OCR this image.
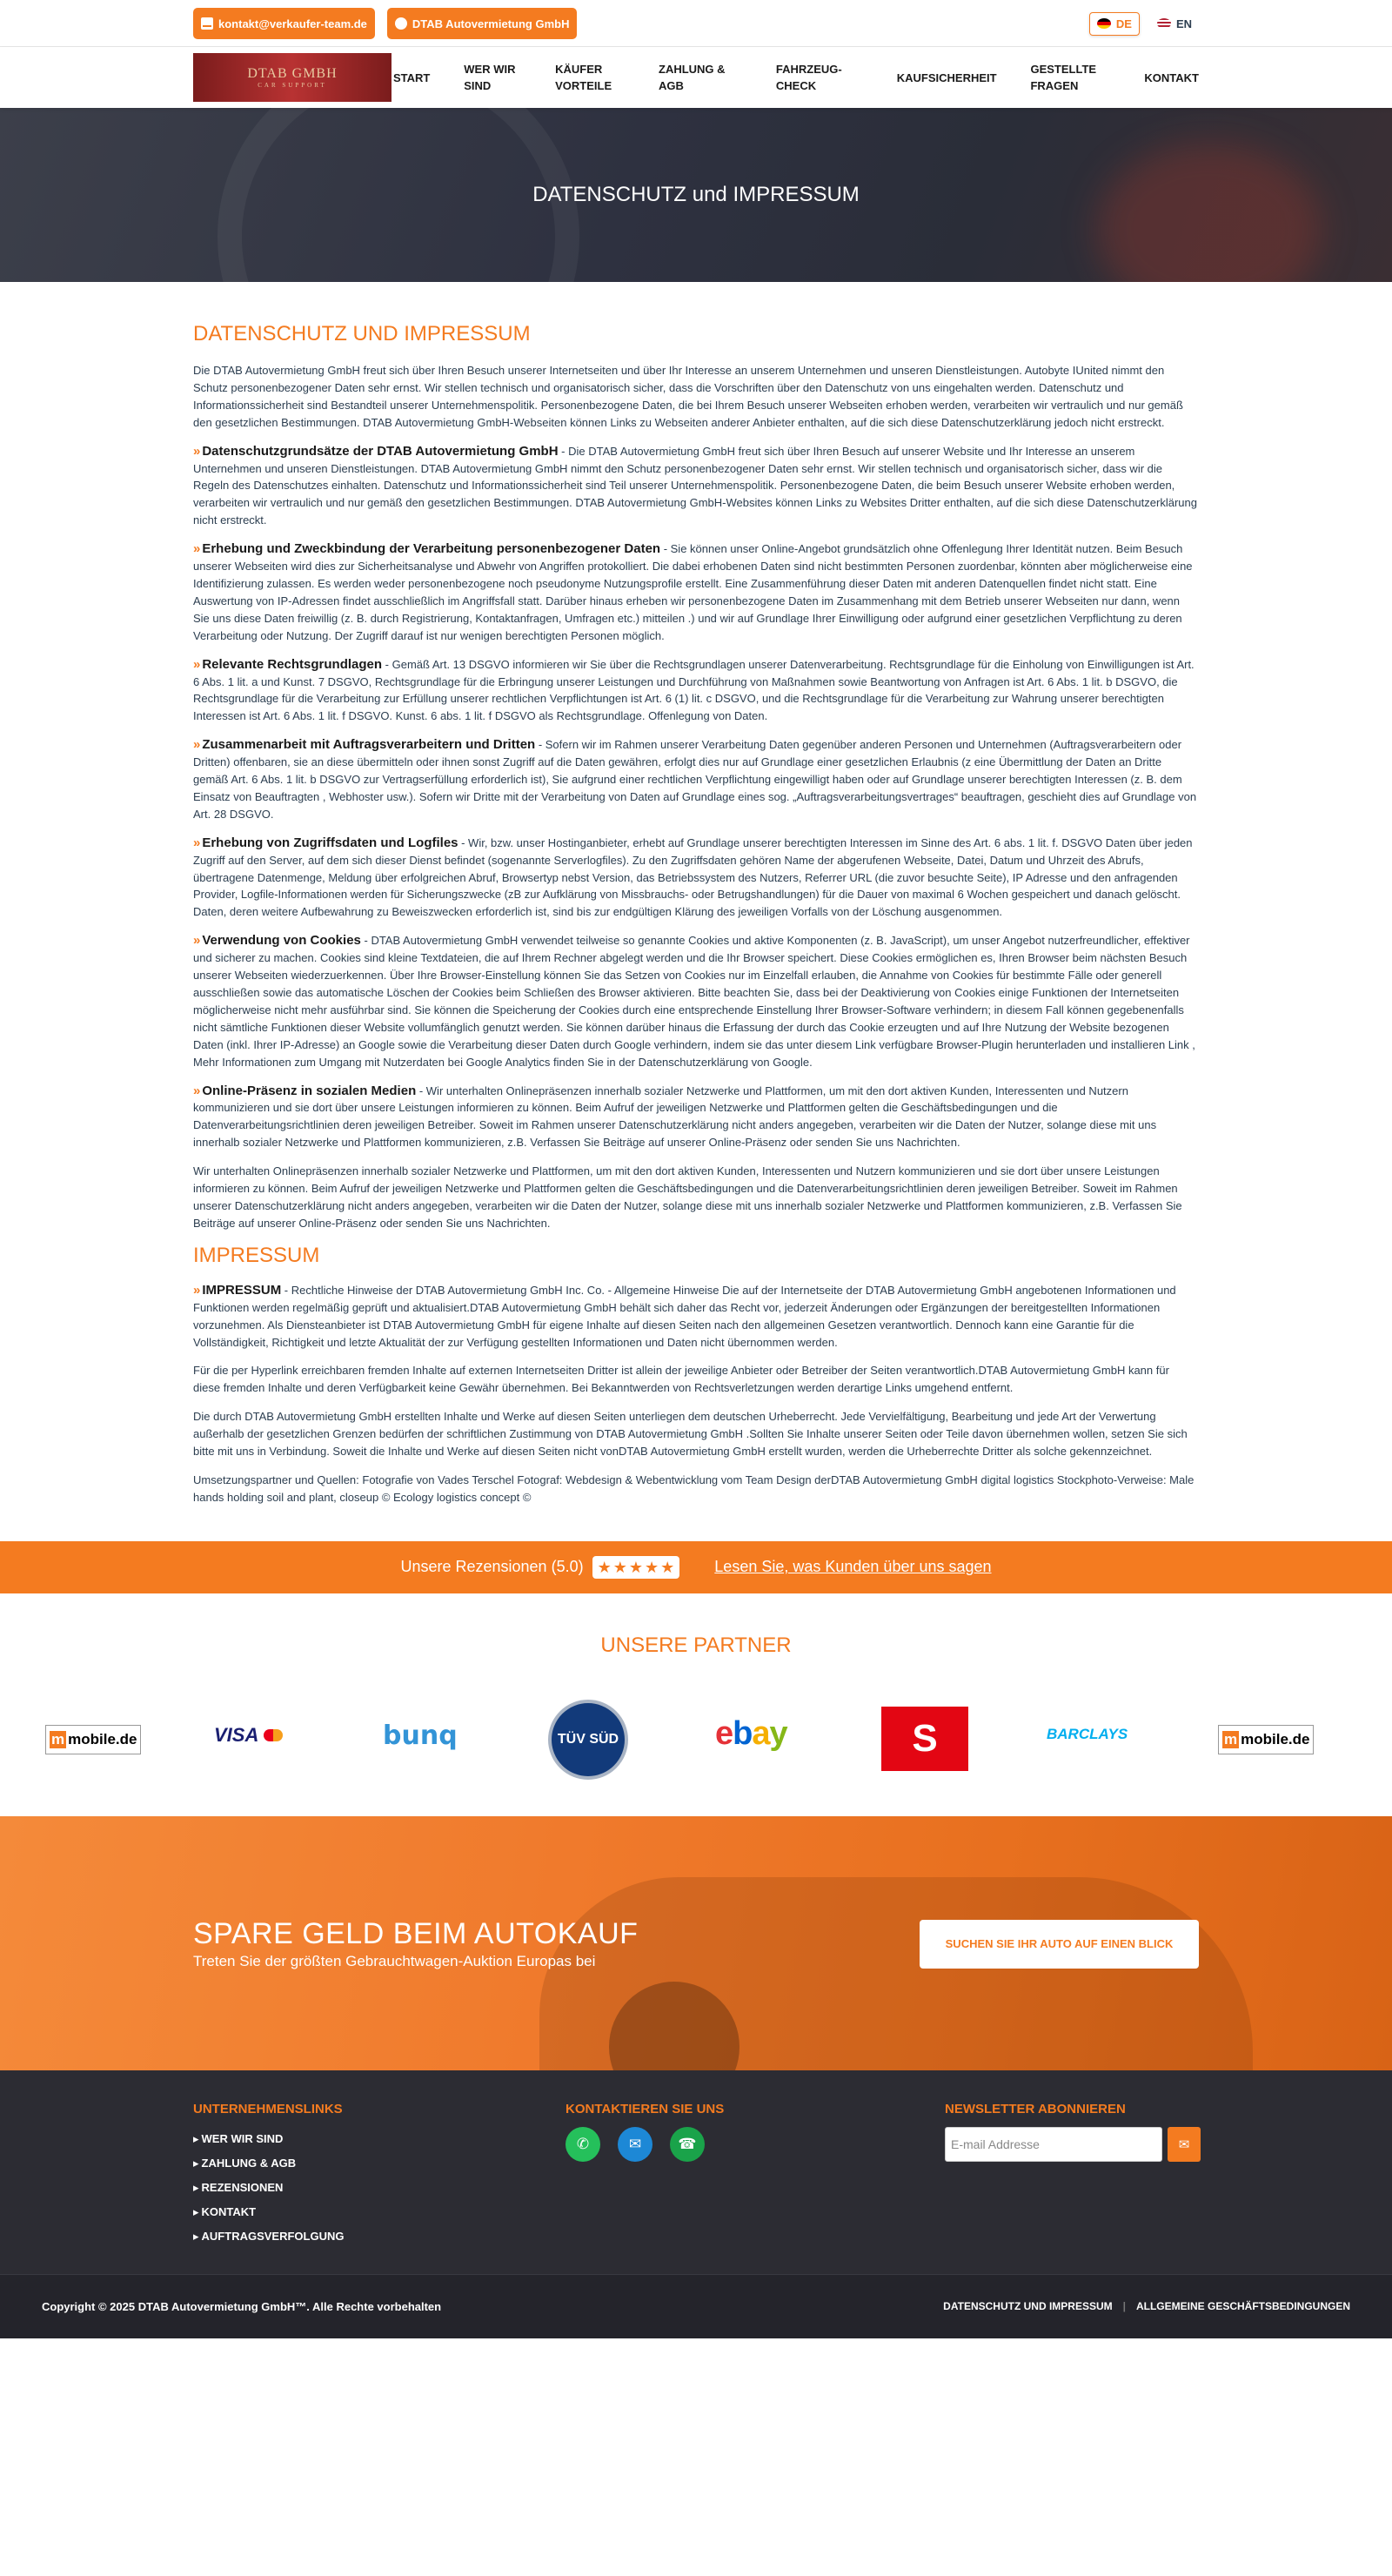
kontakt@verkaufer-team.de	DTAB Autovermietung GmbH	DE	EN
DTAB GMBH
CAR SUPPORT
START
WER WIR SIND
KÄUFER VORTEILE
ZAHLUNG & AGB
FAHRZEUG-CHECK
KAUFSICHERHEIT
GESTELLTE FRAGEN
KONTAKT
DATENSCHUTZ und IMPRESSUM
DATENSCHUTZ UND IMPRESSUM

Die DTAB Autovermietung GmbH freut sich über Ihren Besuch unserer Internetseiten und über Ihr Interesse an unserem Unternehmen und unseren Dienstleistungen. Autobyte IUnited nimmt den Schutz personenbezogener Daten sehr ernst. Wir stellen technisch und organisatorisch sicher, dass die Vorschriften über den Datenschutz von uns eingehalten werden. Datenschutz und Informationssicherheit sind Bestandteil unserer Unternehmenspolitik. Personenbezogene Daten, die bei Ihrem Besuch unserer Webseiten erhoben werden, verarbeiten wir vertraulich und nur gemäß den gesetzlichen Bestimmungen. DTAB Autovermietung GmbH-Webseiten können Links zu Webseiten anderer Anbieter enthalten, auf die sich diese Datenschutzerklärung jedoch nicht erstreckt.

» Datenschutzgrundsätze der DTAB Autovermietung GmbH - Die DTAB Autovermietung GmbH freut sich über Ihren Besuch auf unserer Website und Ihr Interesse an unserem Unternehmen und unseren Dienstleistungen. DTAB Autovermietung GmbH nimmt den Schutz personenbezogener Daten sehr ernst. Wir stellen technisch und organisatorisch sicher, dass wir die Regeln des Datenschutzes einhalten. Datenschutz und Informationssicherheit sind Teil unserer Unternehmenspolitik. Personenbezogene Daten, die beim Besuch unserer Website erhoben werden, verarbeiten wir vertraulich und nur gemäß den gesetzlichen Bestimmungen. DTAB Autovermietung GmbH-Websites können Links zu Websites Dritter enthalten, auf die sich diese Datenschutzerklärung nicht erstreckt.

» Erhebung und Zweckbindung der Verarbeitung personenbezogener Daten - Sie können unser Online-Angebot grundsätzlich ohne Offenlegung Ihrer Identität nutzen. Beim Besuch unserer Webseiten wird dies zur Sicherheitsanalyse und Abwehr von Angriffen protokolliert. Die dabei erhobenen Daten sind nicht bestimmten Personen zuordenbar, könnten aber möglicherweise eine Identifizierung zulassen. Es werden weder personenbezogene noch pseudonyme Nutzungsprofile erstellt. Eine Zusammenführung dieser Daten mit anderen Datenquellen findet nicht statt. Eine Auswertung von IP-Adressen findet ausschließlich im Angriffsfall statt. Darüber hinaus erheben wir personenbezogene Daten im Zusammenhang mit dem Betrieb unserer Webseiten nur dann, wenn Sie uns diese Daten freiwillig (z. B. durch Registrierung, Kontaktanfragen, Umfragen etc.) mitteilen .) und wir auf Grundlage Ihrer Einwilligung oder aufgrund einer gesetzlichen Verpflichtung zu deren Verarbeitung oder Nutzung. Der Zugriff darauf ist nur wenigen berechtigten Personen möglich.

» Relevante Rechtsgrundlagen - Gemäß Art. 13 DSGVO informieren wir Sie über die Rechtsgrundlagen unserer Datenverarbeitung. Rechtsgrundlage für die Einholung von Einwilligungen ist Art. 6 Abs. 1 lit. a und Kunst. 7 DSGVO, Rechtsgrundlage für die Erbringung unserer Leistungen und Durchführung von Maßnahmen sowie Beantwortung von Anfragen ist Art. 6 Abs. 1 lit. b DSGVO, die Rechtsgrundlage für die Verarbeitung zur Erfüllung unserer rechtlichen Verpflichtungen ist Art. 6 (1) lit. c DSGVO, und die Rechtsgrundlage für die Verarbeitung zur Wahrung unserer berechtigten Interessen ist Art. 6 Abs. 1 lit. f DSGVO. Kunst. 6 abs. 1 lit. f DSGVO als Rechtsgrundlage. Offenlegung von Daten.

» Zusammenarbeit mit Auftragsverarbeitern und Dritten - Sofern wir im Rahmen unserer Verarbeitung Daten gegenüber anderen Personen und Unternehmen (Auftragsverarbeitern oder Dritten) offenbaren, sie an diese übermitteln oder ihnen sonst Zugriff auf die Daten gewähren, erfolgt dies nur auf Grundlage einer gesetzlichen Erlaubnis (z eine Übermittlung der Daten an Dritte gemäß Art. 6 Abs. 1 lit. b DSGVO zur Vertragserfüllung erforderlich ist), Sie aufgrund einer rechtlichen Verpflichtung eingewilligt haben oder auf Grundlage unserer berechtigten Interessen (z. B. dem Einsatz von Beauftragten , Webhoster usw.). Sofern wir Dritte mit der Verarbeitung von Daten auf Grundlage eines sog. „Auftragsverarbeitungsvertrages“ beauftragen, geschieht dies auf Grundlage von Art. 28 DSGVO.

» Erhebung von Zugriffsdaten und Logfiles - Wir, bzw. unser Hostinganbieter, erhebt auf Grundlage unserer berechtigten Interessen im Sinne des Art. 6 abs. 1 lit. f. DSGVO Daten über jeden Zugriff auf den Server, auf dem sich dieser Dienst befindet (sogenannte Serverlogfiles). Zu den Zugriffsdaten gehören Name der abgerufenen Webseite, Datei, Datum und Uhrzeit des Abrufs, übertragene Datenmenge, Meldung über erfolgreichen Abruf, Browsertyp nebst Version, das Betriebssystem des Nutzers, Referrer URL (die zuvor besuchte Seite), IP Adresse und den anfragenden Provider, Logfile-Informationen werden für Sicherungszwecke (zB zur Aufklärung von Missbrauchs- oder Betrugshandlungen) für die Dauer von maximal 6 Wochen gespeichert und danach gelöscht. Daten, deren weitere Aufbewahrung zu Beweiszwecken erforderlich ist, sind bis zur endgültigen Klärung des jeweiligen Vorfalls von der Löschung ausgenommen.

» Verwendung von Cookies - DTAB Autovermietung GmbH verwendet teilweise so genannte Cookies und aktive Komponenten (z. B. JavaScript), um unser Angebot nutzerfreundlicher, effektiver und sicherer zu machen. Cookies sind kleine Textdateien, die auf Ihrem Rechner abgelegt werden und die Ihr Browser speichert. Diese Cookies ermöglichen es, Ihren Browser beim nächsten Besuch unserer Webseiten wiederzuerkennen. Über Ihre Browser-Einstellung können Sie das Setzen von Cookies nur im Einzelfall erlauben, die Annahme von Cookies für bestimmte Fälle oder generell ausschließen sowie das automatische Löschen der Cookies beim Schließen des Browser aktivieren. Bitte beachten Sie, dass bei der Deaktivierung von Cookies einige Funktionen der Internetseiten möglicherweise nicht mehr ausführbar sind. Sie können die Speicherung der Cookies durch eine entsprechende Einstellung Ihrer Browser-Software verhindern; in diesem Fall können gegebenenfalls nicht sämtliche Funktionen dieser Website vollumfänglich genutzt werden. Sie können darüber hinaus die Erfassung der durch das Cookie erzeugten und auf Ihre Nutzung der Website bezogenen Daten (inkl. Ihrer IP-Adresse) an Google sowie die Verarbeitung dieser Daten durch Google verhindern, indem sie das unter diesem Link verfügbare Browser-Plugin herunterladen und installieren Link , Mehr Informationen zum Umgang mit Nutzerdaten bei Google Analytics finden Sie in der Datenschutzerklärung von Google.

» Online-Präsenz in sozialen Medien - Wir unterhalten Onlinepräsenzen innerhalb sozialer Netzwerke und Plattformen, um mit den dort aktiven Kunden, Interessenten und Nutzern kommunizieren und sie dort über unsere Leistungen informieren zu können. Beim Aufruf der jeweiligen Netzwerke und Plattformen gelten die Geschäftsbedingungen und die Datenverarbeitungsrichtlinien deren jeweiligen Betreiber. Soweit im Rahmen unserer Datenschutzerklärung nicht anders angegeben, verarbeiten wir die Daten der Nutzer, solange diese mit uns innerhalb sozialer Netzwerke und Plattformen kommunizieren, z.B. Verfassen Sie Beiträge auf unserer Online-Präsenz oder senden Sie uns Nachrichten.

Wir unterhalten Onlinepräsenzen innerhalb sozialer Netzwerke und Plattformen, um mit den dort aktiven Kunden, Interessenten und Nutzern kommunizieren und sie dort über unsere Leistungen informieren zu können. Beim Aufruf der jeweiligen Netzwerke und Plattformen gelten die Geschäftsbedingungen und die Datenverarbeitungsrichtlinien deren jeweiligen Betreiber. Soweit im Rahmen unserer Datenschutzerklärung nicht anders angegeben, verarbeiten wir die Daten der Nutzer, solange diese mit uns innerhalb sozialer Netzwerke und Plattformen kommunizieren, z.B. Verfassen Sie Beiträge auf unserer Online-Präsenz oder senden Sie uns Nachrichten.

IMPRESSUM

» IMPRESSUM - Rechtliche Hinweise der DTAB Autovermietung GmbH Inc. Co. - Allgemeine Hinweise Die auf der Internetseite der DTAB Autovermietung GmbH angebotenen Informationen und Funktionen werden regelmäßig geprüft und aktualisiert.DTAB Autovermietung GmbH behält sich daher das Recht vor, jederzeit Änderungen oder Ergänzungen der bereitgestellten Informationen vorzunehmen. Als Diensteanbieter ist DTAB Autovermietung GmbH für eigene Inhalte auf diesen Seiten nach den allgemeinen Gesetzen verantwortlich. Dennoch kann eine Garantie für die Vollständigkeit, Richtigkeit und letzte Aktualität der zur Verfügung gestellten Informationen und Daten nicht übernommen werden.

Für die per Hyperlink erreichbaren fremden Inhalte auf externen Internetseiten Dritter ist allein der jeweilige Anbieter oder Betreiber der Seiten verantwortlich.DTAB Autovermietung GmbH kann für diese fremden Inhalte und deren Verfügbarkeit keine Gewähr übernehmen. Bei Bekanntwerden von Rechtsverletzungen werden derartige Links umgehend entfernt.

Die durch DTAB Autovermietung GmbH erstellten Inhalte und Werke auf diesen Seiten unterliegen dem deutschen Urheberrecht. Jede Vervielfältigung, Bearbeitung und jede Art der Verwertung außerhalb der gesetzlichen Grenzen bedürfen der schriftlichen Zustimmung von DTAB Autovermietung GmbH .Sollten Sie Inhalte unserer Seiten oder Teile davon übernehmen wollen, setzen Sie sich bitte mit uns in Verbindung. Soweit die Inhalte und Werke auf diesen Seiten nicht vonDTAB Autovermietung GmbH erstellt wurden, werden die Urheberrechte Dritter als solche gekennzeichnet.

Umsetzungspartner und Quellen: Fotografie von Vades Terschel Fotograf: Webdesign & Webentwicklung vom Team Design derDTAB Autovermietung GmbH digital logistics Stockphoto-Verweise: Male hands holding soil and plant, closeup © Ecology logistics concept ©

Unsere Rezensionen (5.0) ★ ★ ★ ★ ★	Lesen Sie, was Kunden über uns sagen
UNSERE PARTNER
m mobile.de	VISA	bunq	TÜV SÜD	e b a y	S	BARCLAYS	m mobile.de
SPARE GELD BEIM AUTOKAUF
Treten Sie der größten Gebrauchtwagen-Auktion Europas bei
SUCHEN SIE IHR AUTO AUF EINEN BLICK
UNTERNEHMENSLINKS
▸ WER WIR SIND
▸ ZAHLUNG & AGB
▸ REZENSIONEN
▸ KONTAKT
▸ AUFTRAGSVERFOLGUNG
KONTAKTIEREN SIE UNS
✆	✉	☎
NEWSLETTER ABONNIEREN
E-mail Addresse	✉
Copyright © 2025 DTAB Autovermietung GmbH™. Alle Rechte vorbehalten	DATENSCHUTZ UND IMPRESSUM | ALLGEMEINE GESCHÄFTSBEDINGUNGEN
